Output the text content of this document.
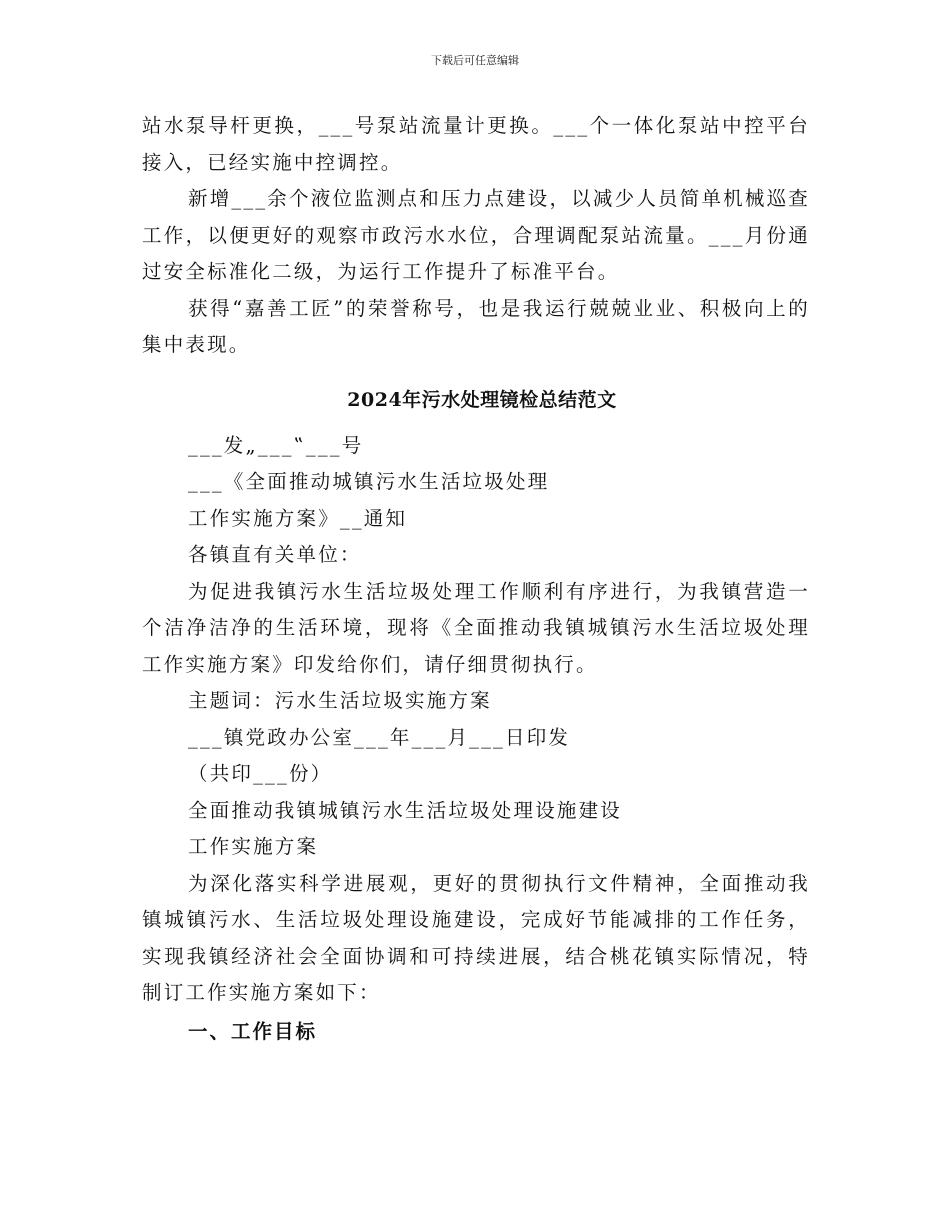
下载后可任意编辑

站水泵导杆更换，___号泵站流量计更换。___个一体化泵站中控平台接入，已经实施中控调控。

新增___余个液位监测点和压力点建设，以减少人员简单机械巡查工作，以便更好的观察市政污水水位，合理调配泵站流量。___月份通过安全标准化二级，为运行工作提升了标准平台。

获得“嘉善工匠”的荣誉称号，也是我运行兢兢业业、积极向上的集中表现。

2024年污水处理镜检总结范文

___发„___‟___号

___《全面推动城镇污水生活垃圾处理

工作实施方案》__通知

各镇直有关单位：

为促进我镇污水生活垃圾处理工作顺利有序进行，为我镇营造一个洁净洁净的生活环境，现将《全面推动我镇城镇污水生活垃圾处理工作实施方案》印发给你们，请仔细贯彻执行。

主题词：污水生活垃圾实施方案

___镇党政办公室___年___月___日印发

（共印___份）

全面推动我镇城镇污水生活垃圾处理设施建设

工作实施方案

为深化落实科学进展观，更好的贯彻执行文件精神，全面推动我镇城镇污水、生活垃圾处理设施建设，完成好节能减排的工作任务，实现我镇经济社会全面协调和可持续进展，结合桃花镇实际情况，特制订工作实施方案如下：

一、工作目标
